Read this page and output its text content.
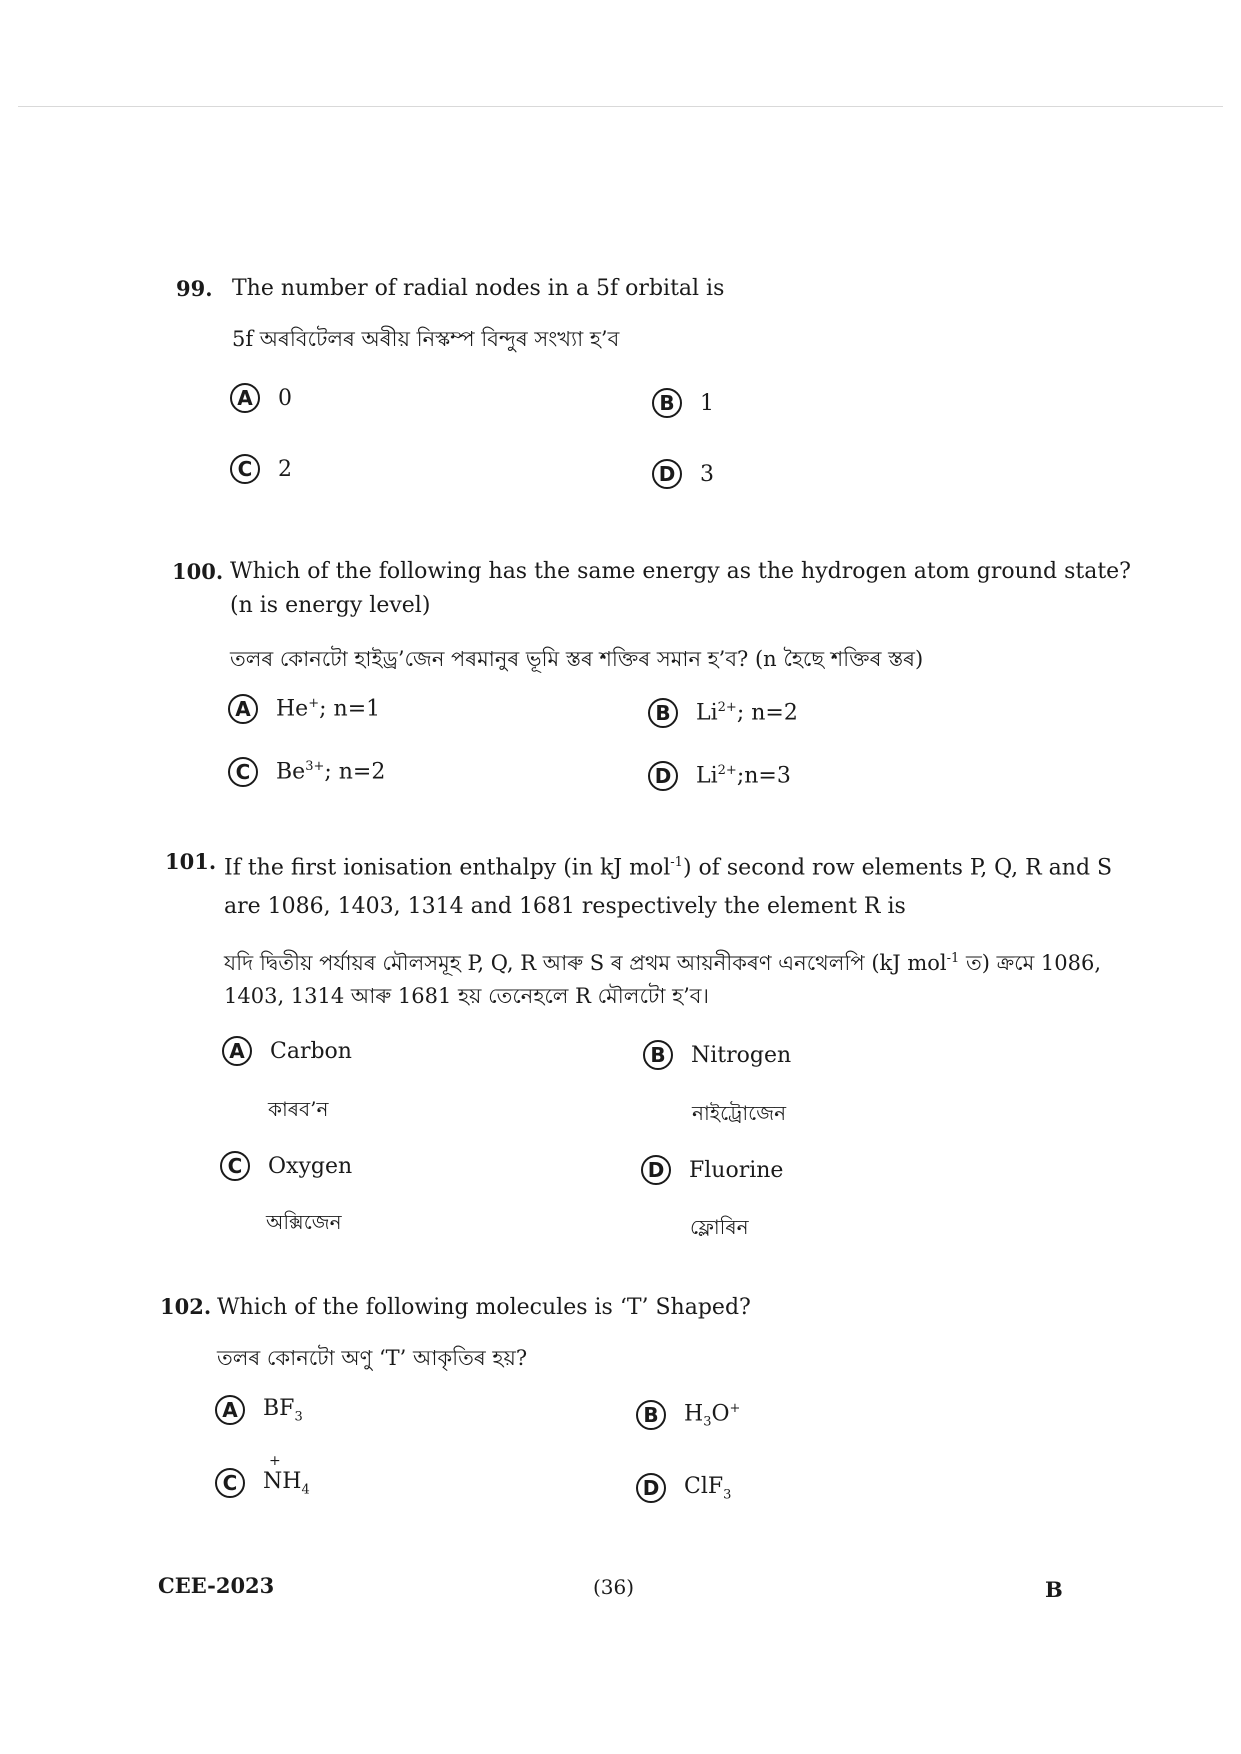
99. The number of radial nodes in a 5f orbital is
5f অৰবিটেলৰ অৰীয় নিস্কম্প বিন্দুৰ সংখ্যা হ’ব
A	0	B	1
C	2	D	3
100. Which of the following has the same energy as the hydrogen atom ground state?
(n is energy level)
তলৰ কোনটো হাইড্ৰ’জেন পৰমানুৰ ভূমি স্তৰ শক্তিৰ সমান হ’ব? (n হৈছে শক্তিৰ স্তৰ)
A	He+; n=1	B	$Li^{2+}$; n=2
C	$Be^{3+}$; n=2	D	$Li^{2+};n=3$
101. If the first ionisation enthalpy (in kJ mol$^{-1}$) of second row elements P, Q, R and S
are 1086, 1403, 1314 and 1681 respectively the element R is
যদি দ্বিতীয় পৰ্যায়ৰ মৌলসমূহ P, Q, R আৰু S ৰ প্ৰথম আয়নীকৰণ এনথেলপি (kJ mol$^{-1}$ ত) ক্ৰমে 1086,
1403, 1314 আৰু 1681 হয় তেনেহলে R মৌলটো হ’ব।
A	Carbon
কাৰব’ন
B	Nitrogen
নাইট্ৰোজেন
C	Oxygen
অক্সিজেন
D	Fluorine
ফ্লোৰিন
102. Which of the following molecules is ‘T’ Shaped?
তলৰ কোনটো অণু ‘T’ আকৃতিৰ হয়?
A	$BF_3$	B	$H_3O^+$
C
+
$NH_4$	D	ClF$_3$
CEE-2023	(36)	B
